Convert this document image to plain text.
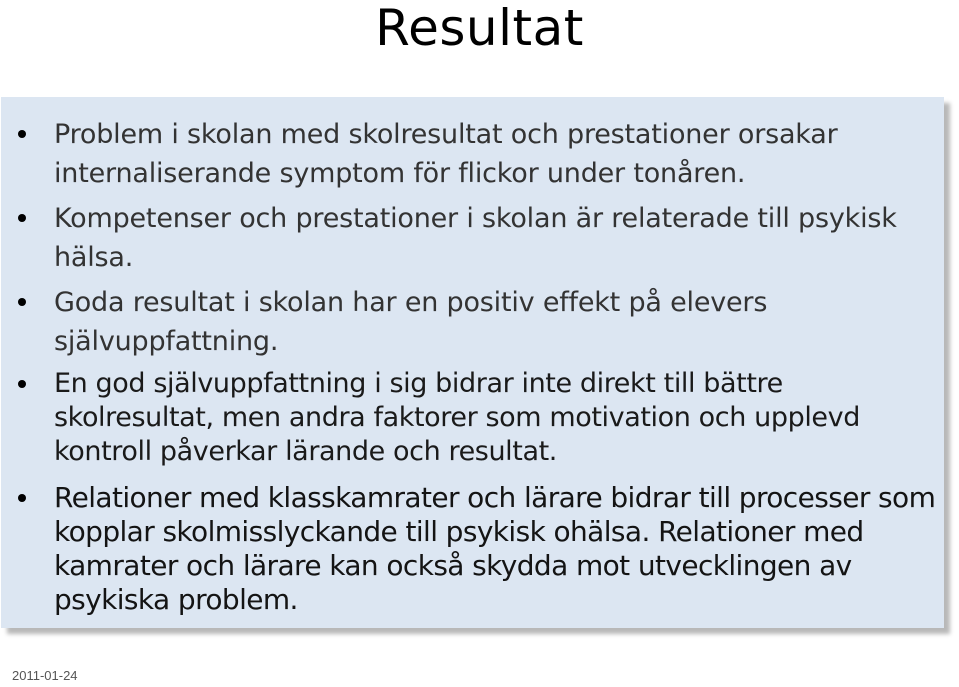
Resultat
Problem i skolan med skolresultat och prestationer orsakar internaliserande symptom för flickor under tonåren.
Kompetenser och prestationer i skolan är relaterade till psykisk hälsa.
Goda resultat i skolan har en positiv effekt på elevers självuppfattning.
En god självuppfattning i sig bidrar inte direkt till bättre skolresultat, men andra faktorer som motivation och upplevd kontroll påverkar lärande och resultat.
Relationer med klasskamrater och lärare bidrar till processer som kopplar skolmisslyckande till psykisk ohälsa. Relationer med kamrater och lärare kan också skydda mot utvecklingen av psykiska problem.
2011-01-24
